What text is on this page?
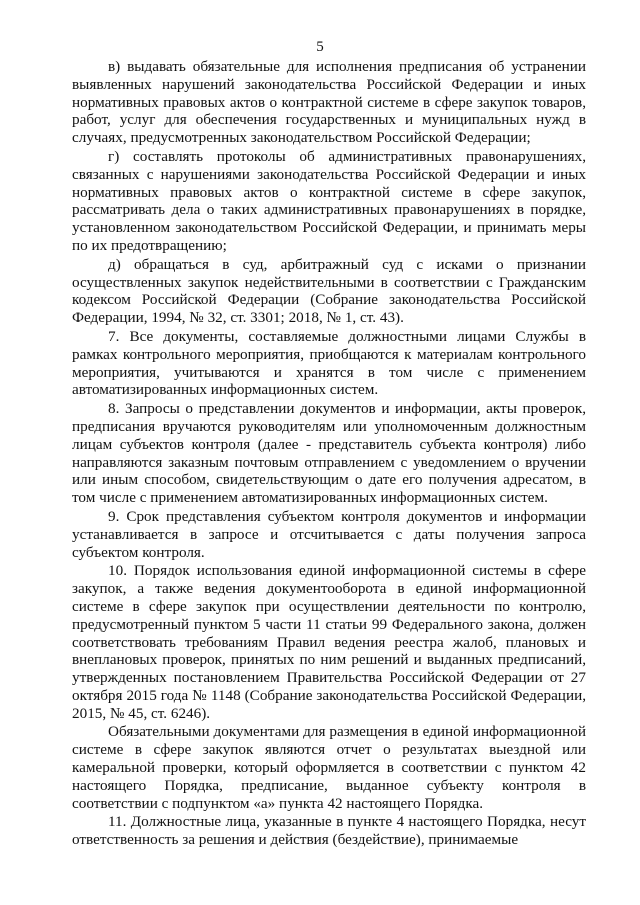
5

в) выдавать обязательные для исполнения предписания об устранении выявленных нарушений законодательства Российской Федерации и иных нормативных правовых актов о контрактной системе в сфере закупок товаров, работ, услуг для обеспечения государственных и муниципальных нужд в случаях, предусмотренных законодательством Российской Федерации;

г) составлять протоколы об административных правонарушениях, связанных с нарушениями законодательства Российской Федерации и иных нормативных правовых актов о контрактной системе в сфере закупок, рассматривать дела о таких административных правонарушениях в порядке, установленном законодательством Российской Федерации, и принимать меры по их предотвращению;

д) обращаться в суд, арбитражный суд с исками о признании осуществленных закупок недействительными в соответствии с Гражданским кодексом Российской Федерации (Собрание законодательства Российской Федерации, 1994, № 32, ст. 3301; 2018, № 1, ст. 43).

7. Все документы, составляемые должностными лицами Службы в рамках контрольного мероприятия, приобщаются к материалам контрольного мероприятия, учитываются и хранятся в том числе с применением автоматизированных информационных систем.

8. Запросы о представлении документов и информации, акты проверок, предписания вручаются руководителям или уполномоченным должностным лицам субъектов контроля (далее - представитель субъекта контроля) либо направляются заказным почтовым отправлением с уведомлением о вручении или иным способом, свидетельствующим о дате его получения адресатом, в том числе с применением автоматизированных информационных систем.

9. Срок представления субъектом контроля документов и информации устанавливается в запросе и отсчитывается с даты получения запроса субъектом контроля.

10. Порядок использования единой информационной системы в сфере закупок, а также ведения документооборота в единой информационной системе в сфере закупок при осуществлении деятельности по контролю, предусмотренный пунктом 5 части 11 статьи 99 Федерального закона, должен соответствовать требованиям Правил ведения реестра жалоб, плановых и внеплановых проверок, принятых по ним решений и выданных предписаний, утвержденных постановлением Правительства Российской Федерации от 27 октября 2015 года № 1148 (Собрание законодательства Российской Федерации, 2015, № 45, ст. 6246).

Обязательными документами для размещения в единой информационной системе в сфере закупок являются отчет о результатах выездной или камеральной проверки, который оформляется в соответствии с пунктом 42 настоящего Порядка, предписание, выданное субъекту контроля в соответствии с подпунктом «а» пункта 42 настоящего Порядка.

11. Должностные лица, указанные в пункте 4 настоящего Порядка, несут ответственность за решения и действия (бездействие), принимаемые
